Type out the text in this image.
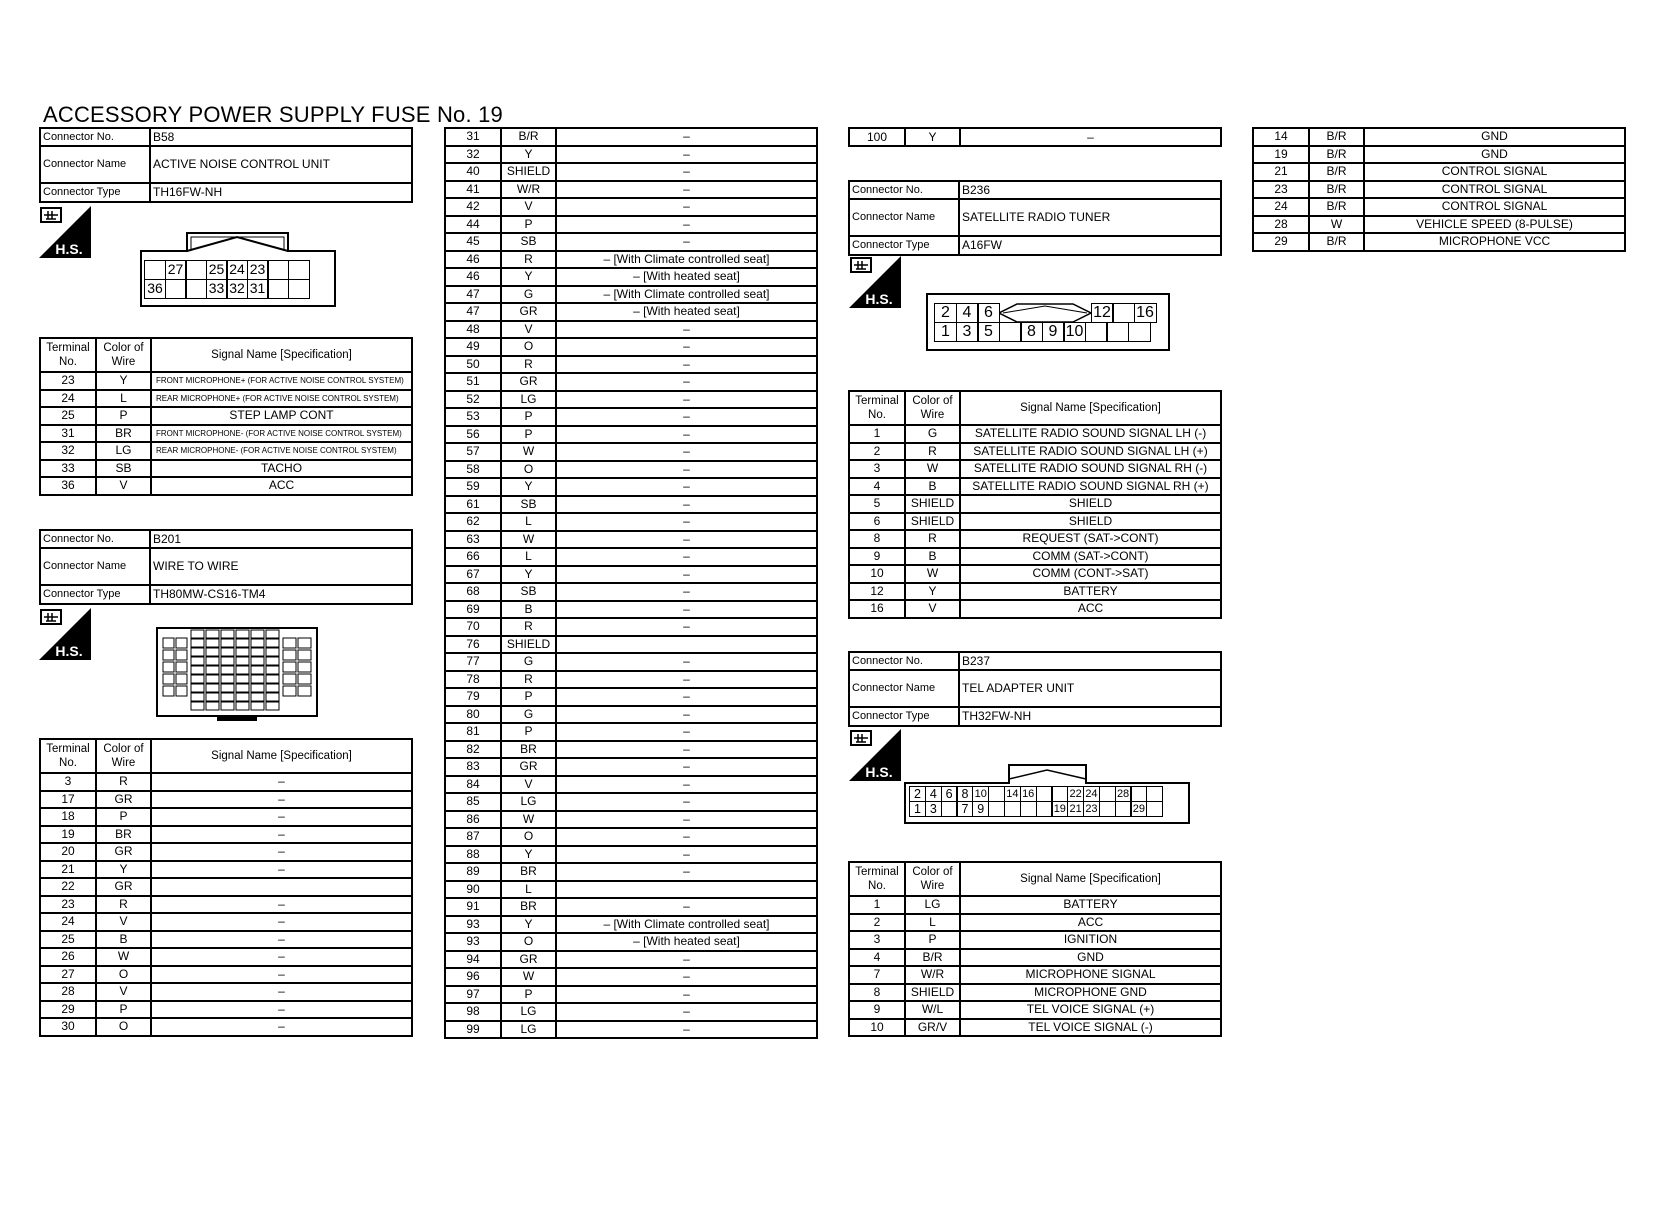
ACCESSORY POWER SUPPLY FUSE No. 19
Connector No.	B58
Connector Name	ACTIVE NOISE CONTROL UNIT
Connector Type	TH16FW-NH
H.S.
27 25 24 23
36	33 32 31
Terminal No.	Color of Wire	Signal Name [Specification]
23	Y	FRONT MICROPHONE+ (FOR ACTIVE NOISE CONTROL SYSTEM)
24	L	REAR MICROPHONE+ (FOR ACTIVE NOISE CONTROL SYSTEM)
25	P	STEP LAMP CONT
31	BR	FRONT MICROPHONE- (FOR ACTIVE NOISE CONTROL SYSTEM)
32	LG	REAR MICROPHONE- (FOR ACTIVE NOISE CONTROL SYSTEM)
33	SB	TACHO
36	V	ACC
Connector No.	B201
Connector Name	WIRE TO WIRE
Connector Type	TH80MW-CS16-TM4
H.S.
Terminal No.	Color of Wire	Signal Name [Specification]
3	R	–
17	GR	–
18	P	–
19	BR	–
20	GR	–
21	Y	–
22	GR	
23	R	–
24	V	–
25	B	–
26	W	–
27	O	–
28	V	–
29	P	–
30	O	–
31	B/R	–
32	Y	–
40	SHIELD	–
41	W/R	–
42	V	–
44	P	–
45	SB	–
46	R	– [With Climate controlled seat]
46	Y	– [With heated seat]
47	G	– [With Climate controlled seat]
47	GR	– [With heated seat]
48	V	–
49	O	–
50	R	–
51	GR	–
52	LG	–
53	P	–
56	P	–
57	W	–
58	O	–
59	Y	–
61	SB	–
62	L	–
63	W	–
66	L	–
67	Y	–
68	SB	–
69	B	–
70	R	–
76	SHIELD	
77	G	–
78	R	–
79	P	–
80	G	–
81	P	–
82	BR	–
83	GR	–
84	V	–
85	LG	–
86	W	–
87	O	–
88	Y	–
89	BR	–
90	L	
91	BR	–
93	Y	– [With Climate controlled seat]
93	O	– [With heated seat]
94	GR	–
96	W	–
97	P	–
98	LG	–
99	LG	–
100	Y	–
Connector No.	B236
Connector Name	SATELLITE RADIO TUNER
Connector Type	A16FW
H.S.
2 4 6	12 16
1 3 5	8 9 10
Terminal No.	Color of Wire	Signal Name [Specification]
1	G	SATELLITE RADIO SOUND SIGNAL LH (-)
2	R	SATELLITE RADIO SOUND SIGNAL LH (+)
3	W	SATELLITE RADIO SOUND SIGNAL RH (-)
4	B	SATELLITE RADIO SOUND SIGNAL RH (+)
5	SHIELD	SHIELD
6	SHIELD	SHIELD
8	R	REQUEST (SAT->CONT)
9	B	COMM (SAT->CONT)
10	W	COMM (CONT->SAT)
12	Y	BATTERY
16	V	ACC
Connector No.	B237
Connector Name	TEL ADAPTER UNIT
Connector Type	TH32FW-NH
H.S.
2 4 6 8 10 14 16	22 24 28
1 3	7 9	19 21 23	29
Terminal No.	Color of Wire	Signal Name [Specification]
1	LG	BATTERY
2	L	ACC
3	P	IGNITION
4	B/R	GND
7	W/R	MICROPHONE SIGNAL
8	SHIELD	MICROPHONE GND
9	W/L	TEL VOICE SIGNAL (+)
10	GR/V	TEL VOICE SIGNAL (-)
14	B/R	GND
19	B/R	GND
21	B/R	CONTROL SIGNAL
23	B/R	CONTROL SIGNAL
24	B/R	CONTROL SIGNAL
28	W	VEHICLE SPEED (8-PULSE)
29	B/R	MICROPHONE VCC
